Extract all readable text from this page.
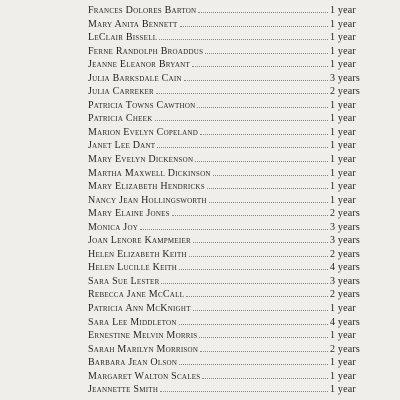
Frances Dolores Barton	1 year
Mary Anita Bennett	1 year
LeClair Bissell	1 year
Ferne Randolph Broaddus	1 year
Jeanne Eleanor Bryant	1 year
Julia Barksdale Cain	3 years
Julia Carreker	2 years
Patricia Towns Cawthon	1 year
Patricia Cheek	1 year
Marion Evelyn Copeland	1 year
Janet Lee Dant	1 year
Mary Evelyn Dickenson	1 year
Martha Maxwell Dickinson	1 year
Mary Elizabeth Hendricks	1 year
Nancy Jean Hollingsworth	1 year
Mary Elaine Jones	2 years
Monica Joy	3 years
Joan Lenore Kampmeier	3 years
Helen Elizabeth Keith	2 years
Helen Lucille Keith	4 years
Sara Sue Lester	3 years
Rebecca Jane McCall	2 years
Patricia Ann McKnight	1 year
Sara Lee Middleton	4 years
Ernestine Melvin Morris	1 year
Sarah Marilyn Morrison	2 years
Barbara Jean Olson	1 year
Margaret Walton Scales	1 year
Jeannette Smith	1 year
